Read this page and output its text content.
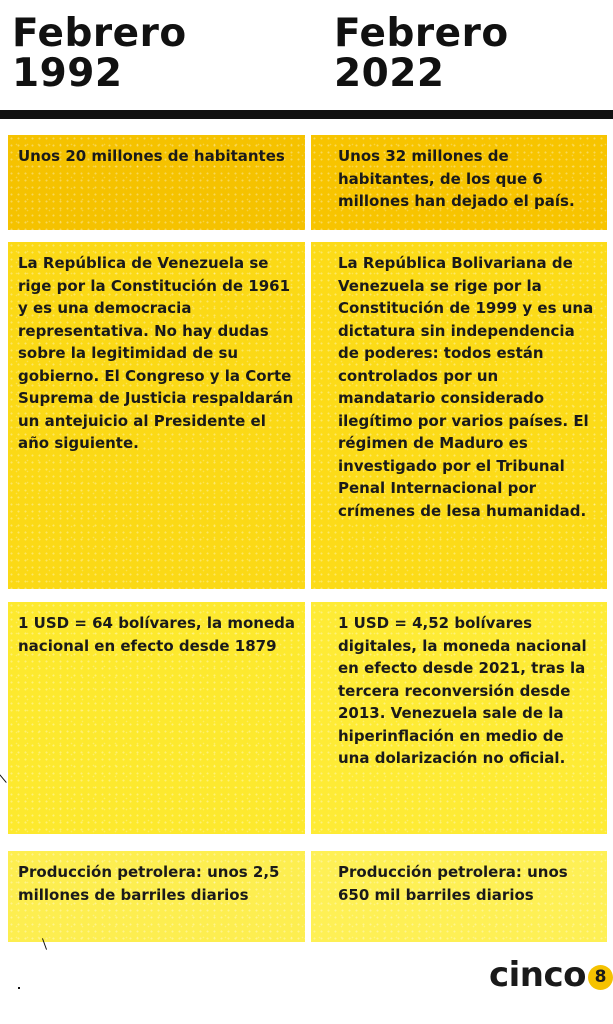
Febrero
1992
Febrero
2022

Unos 20 millones de habitantes	Unos 32 millones de habitantes, de los que 6 millones han dejado el país.

La República de Venezuela se rige por la Constitución de 1961 y es una democracia representativa. No hay dudas sobre la legitimidad de su gobierno. El Congreso y la Corte Suprema de Justicia respaldarán un antejuicio al Presidente el año siguiente.

La República Bolivariana de Venezuela se rige por la Constitución de 1999 y es una dictatura sin independencia de poderes: todos están controlados por un mandatario considerado ilegítimo por varios países. El régimen de Maduro es investigado por el Tribunal Penal Internacional por crímenes de lesa humanidad.

1 USD = 64 bolívares, la moneda nacional en efecto desde 1879

1 USD = 4,52 bolívares digitales, la moneda nacional en efecto desde 2021, tras la tercera reconversión desde 2013. Venezuela sale de la hiperinflación en medio de una dolarización no oficial.

Producción petrolera: unos 2,5 millones de barriles diarios

Producción petrolera: unos 650 mil barriles diarios

cinco 8
